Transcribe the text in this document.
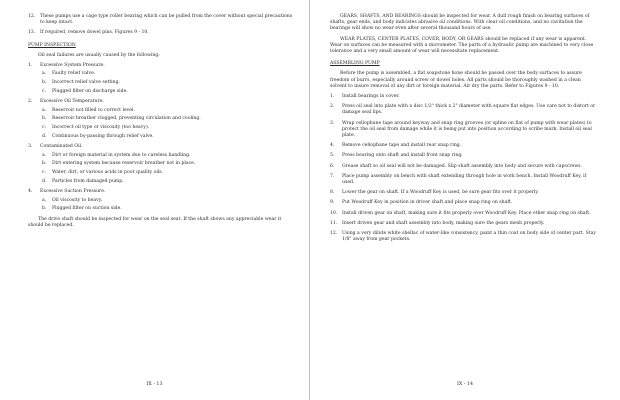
12.	These pumps use a cage type roller bearing which can be pulled from the cover without special precautions to keep intact.
13.	If required, remove dowel pins, Figures 9 - 10.
PUMP INSPECTION
Oil seal failures are usually caused by the following:
1.	Excessive System Pressure.
a.	Faulty relief valve.
b.	Incorrect relief valve setting.
c.	Plugged filter on discharge side.
2.	Excessive Oil Temperature.
a.	Reservoir not filled to correct level.
b.	Reservoir breather clogged, preventing circulation and cooling.
c.	Incorrect oil type or viscosity (too heavy).
d.	Continuous by-passing through relief valve.
3.	Contaminated Oil.
a.	Dirt or foreign material in system due to careless handling.
b.	Dirt entering system because reservoir breather not in place.
c.	Water, dirt, or various acids in poor quality oils.
d.	Particles from damaged pump.
4.	Excessive Suction Pressure.
a.	Oil viscosity to heavy.
b.	Plugged filter on suction side.
The drive shaft should be inspected for wear on the seal seat. If the shaft shows any appreciable wear it should be replaced.
IX - 13
GEARS, SHAFTS, AND BEARINGS should be inspected for wear. A dull rough finish on bearing surfaces of shafts, gear ends, and body indicates abrasive oil conditions. With clear oil conditions, and no cavitation the bearings will show no wear even after several thousand hours of use.
WEAR PLATES, CENTER PLATES, COVER, BODY, OR GEARS should be replaced if any wear is apparent. Wear on surfaces can be measured with a micrometer. The parts of a hydraulic pump are machined to very close tolerance and a very small amount of wear will necessitate replacement.
ASSEMBLING PUMP
Before the pump is assembled, a flat soapstone hone should be passed over the body surfaces to assure freedom of burrs, especially around screw or dowel holes. All parts should be thoroughly washed in a clean solvent to insure removal of any dirt or foreign material. Air dry the parts. Refer to Figures 9 - 10.
1.	Install bearings in cover.
2.	Press oil seal into plate with a disc 1/2" thick x 2" diameter with square flat edges. Use care not to distort or damage seal lips.
3.	Wrap cellophane tape around keyway and snap ring grooves (or spline on flat of pump with wear plates) to protect the oil seal from damage while it is being put into position according to scribe mark. Install oil seal plate.
4.	Remove cellophane tape and install rear snap ring.
5.	Press bearing onto shaft and install front snap ring.
6.	Grease shaft so oil seal will not be damaged. Slip shaft assembly into body and secure with capscrews.
7.	Place pump assembly on bench with shaft extending through hole in work bench. Install Woodruff Key, if used.
8.	Lower the gear on shaft. If a Woodruff Key is used, be sure gear fits over it properly.
9.	Put Woodruff Key in position in driver shaft and place snap ring on shaft.
10.	Install driven gear on shaft, making sure it fits properly over Woodruff Key. Place other snap ring on shaft.
11.	Insert driven gear and shaft assembly into body, making sure the gears mesh properly.
12.	Using a very dilute white shellac of water-like consistency, paint a thin coat on body side of center part. Stay 1/8" away from gear pockets.
IX - 14
